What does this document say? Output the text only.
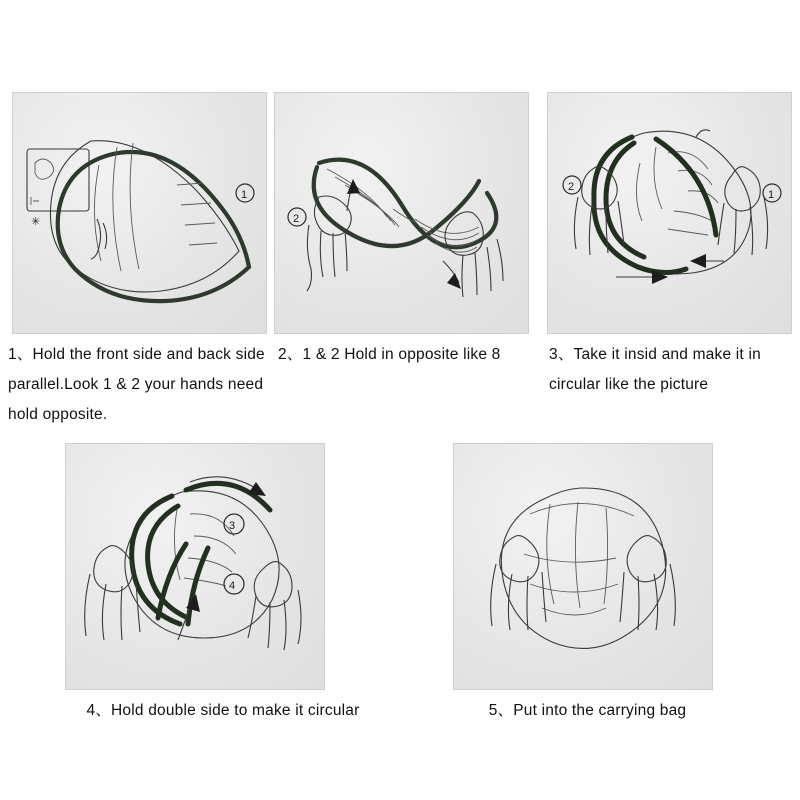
✳
1
2
2
1
3
4
1、Hold the front side and back side parallel.Look 1 & 2 your hands need hold opposite.
2、1 & 2 Hold in opposite like 8	3、Take it insid and make it in circular like the picture
4、Hold double side to make it circular	5、Put into the carrying bag
